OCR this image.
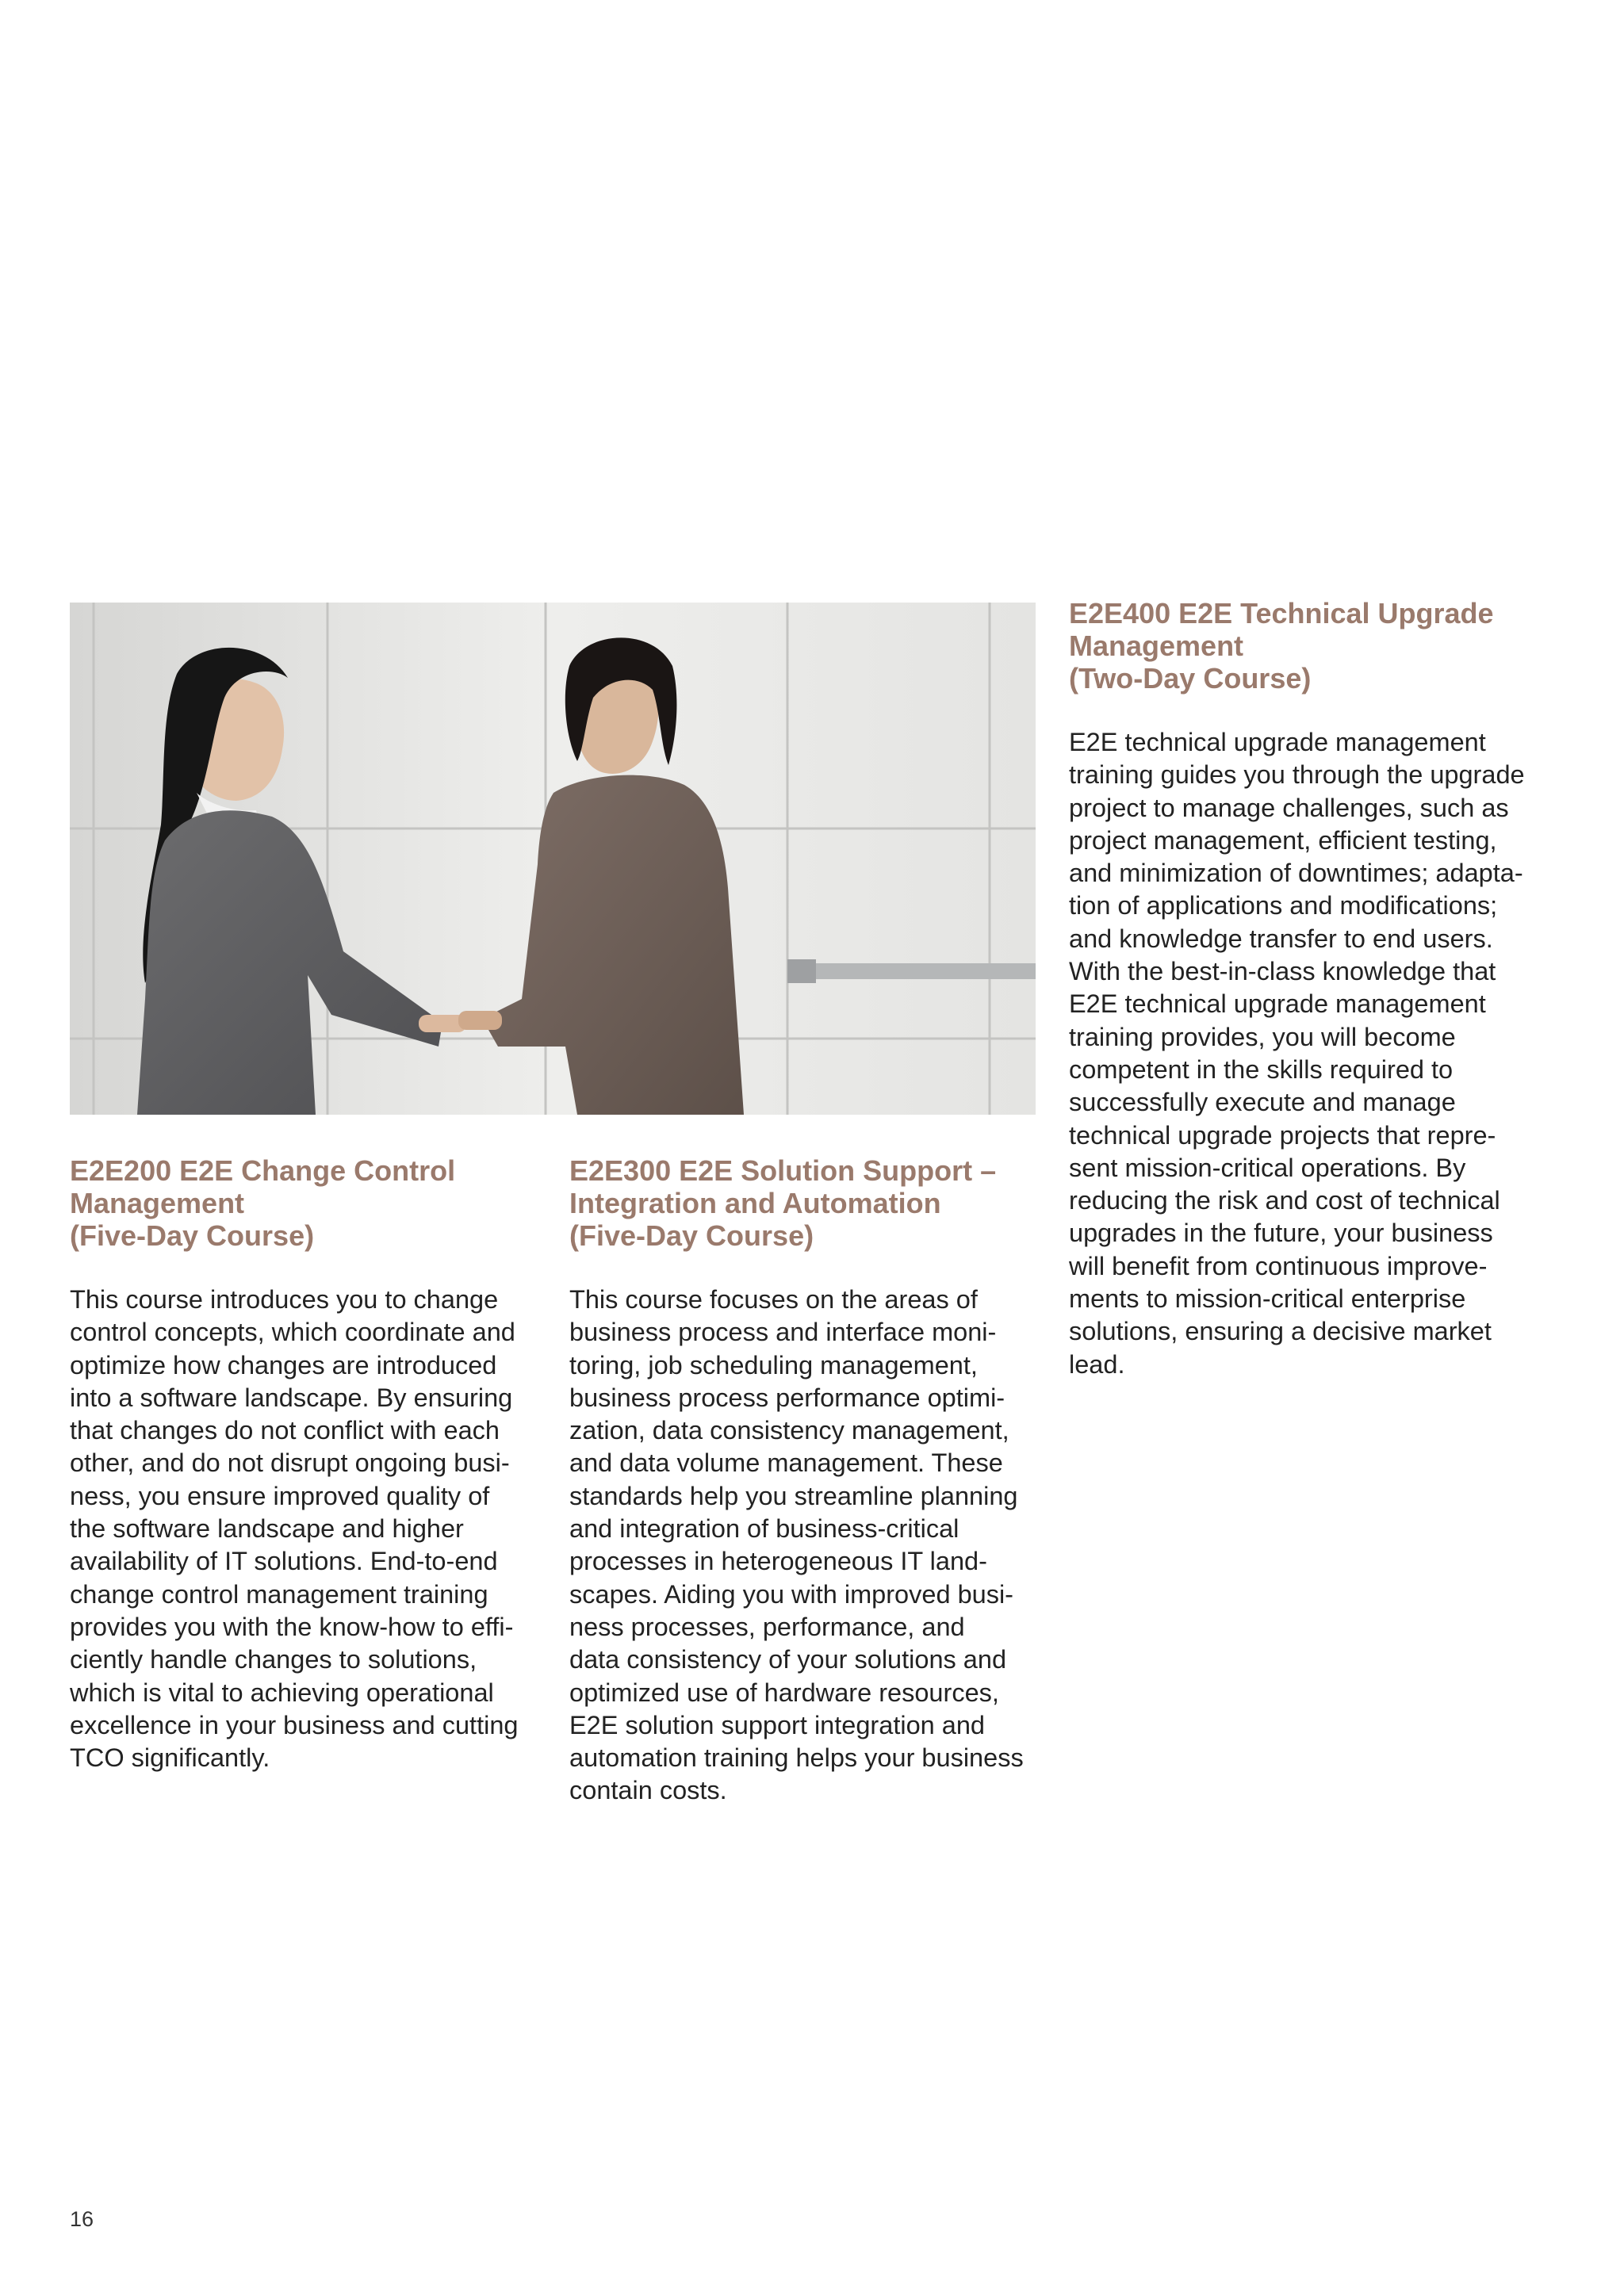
E2E200 E2E Change Control
Management
(Five-Day Course)

This course introduces you to change
control concepts, which coordinate and
optimize how changes are introduced
into a software landscape. By ensuring
that changes do not conflict with each
other, and do not disrupt ongoing busi-
ness, you ensure improved quality of
the software landscape and higher
availability of IT solutions. End-to-end
change control management training
provides you with the know-how to effi-
ciently handle changes to solutions,
which is vital to achieving operational
excellence in your business and cutting
TCO significantly.

E2E300 E2E Solution Support –
Integration and Automation
(Five-Day Course)

This course focuses on the areas of
business process and interface moni-
toring, job scheduling management,
business process performance optimi-
zation, data consistency management,
and data volume management. These
standards help you streamline planning
and integration of business-critical
processes in heterogeneous IT land-
scapes. Aiding you with improved busi-
ness processes, performance, and
data consistency of your solutions and
optimized use of hardware resources,
E2E solution support integration and
automation training helps your business
contain costs.

E2E400 E2E Technical Upgrade
Management
(Two-Day Course)

E2E technical upgrade management
training guides you through the upgrade
project to manage challenges, such as
project management, efficient testing,
and minimization of downtimes; adapta-
tion of applications and modifications;
and knowledge transfer to end users.
With the best-in-class knowledge that
E2E technical upgrade management
training provides, you will become
competent in the skills required to
successfully execute and manage
technical upgrade projects that repre-
sent mission-critical operations. By
reducing the risk and cost of technical
upgrades in the future, your business
will benefit from continuous improve-
ments to mission-critical enterprise
solutions, ensuring a decisive market
lead.

16
